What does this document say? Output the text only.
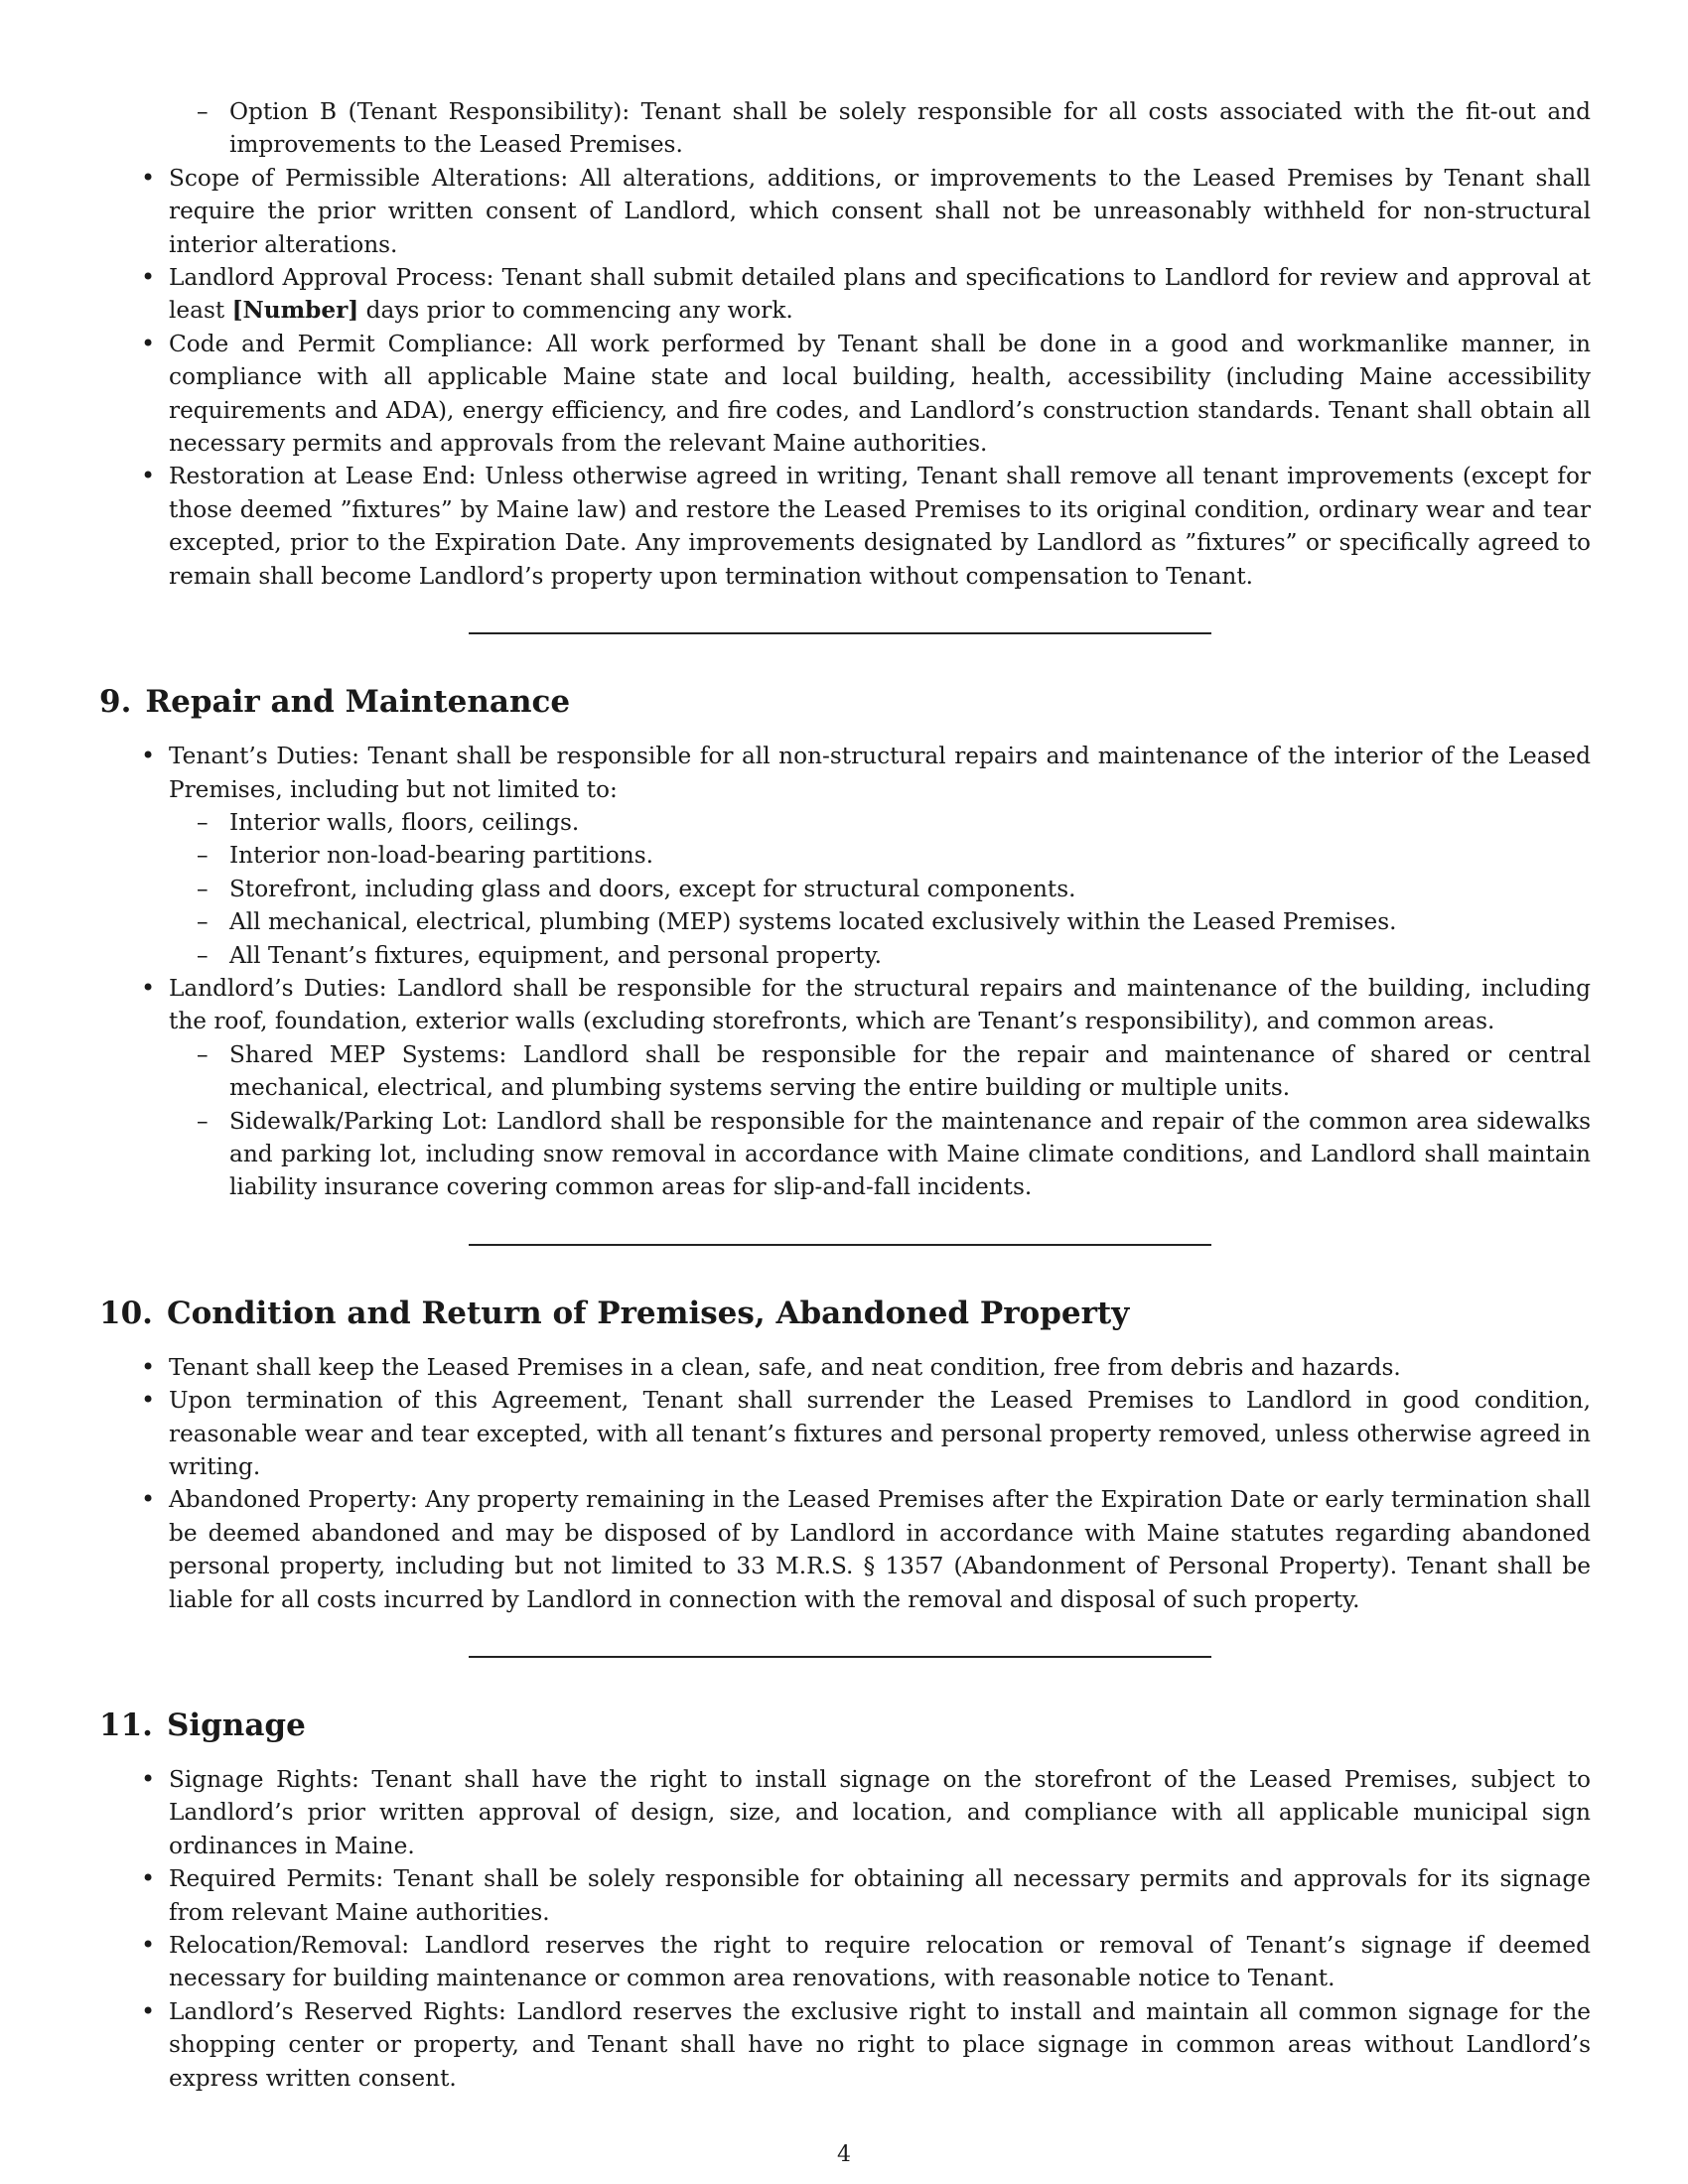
– Option B (Tenant Responsibility): Tenant shall be solely responsible for all costs associated with the fit-out and improvements to the Leased Premises.
• Scope of Permissible Alterations: All alterations, additions, or improvements to the Leased Premises by Tenant shall require the prior written consent of Landlord, which consent shall not be unreasonably withheld for non-structural interior alterations.
• Landlord Approval Process: Tenant shall submit detailed plans and specifications to Landlord for review and approval at least [Number] days prior to commencing any work.
• Code and Permit Compliance: All work performed by Tenant shall be done in a good and workmanlike manner, in compliance with all applicable Maine state and local building, health, accessibility (including Maine accessibility requirements and ADA), energy efficiency, and fire codes, and Landlord’s construction standards. Tenant shall obtain all necessary permits and approvals from the relevant Maine authorities.
• Restoration at Lease End: Unless otherwise agreed in writing, Tenant shall remove all tenant improvements (except for those deemed ”fixtures” by Maine law) and restore the Leased Premises to its original condition, ordinary wear and tear excepted, prior to the Expiration Date. Any improvements designated by Landlord as ”fixtures” or specifically agreed to remain shall become Landlord’s property upon termination without compensation to Tenant.
9. Repair and Maintenance
• Tenant’s Duties: Tenant shall be responsible for all non-structural repairs and maintenance of the interior of the Leased Premises, including but not limited to:
– Interior walls, floors, ceilings.
– Interior non-load-bearing partitions.
– Storefront, including glass and doors, except for structural components.
– All mechanical, electrical, plumbing (MEP) systems located exclusively within the Leased Premises.
– All Tenant’s fixtures, equipment, and personal property.
• Landlord’s Duties: Landlord shall be responsible for the structural repairs and maintenance of the building, including the roof, foundation, exterior walls (excluding storefronts, which are Tenant’s responsibility), and common areas.
– Shared MEP Systems: Landlord shall be responsible for the repair and maintenance of shared or central mechanical, electrical, and plumbing systems serving the entire building or multiple units.
– Sidewalk/Parking Lot: Landlord shall be responsible for the maintenance and repair of the common area sidewalks and parking lot, including snow removal in accordance with Maine climate conditions, and Landlord shall maintain liability insurance covering common areas for slip-and-fall incidents.
10. Condition and Return of Premises, Abandoned Property
• Tenant shall keep the Leased Premises in a clean, safe, and neat condition, free from debris and hazards.
• Upon termination of this Agreement, Tenant shall surrender the Leased Premises to Landlord in good condition, reasonable wear and tear excepted, with all tenant’s fixtures and personal property removed, unless otherwise agreed in writing.
• Abandoned Property: Any property remaining in the Leased Premises after the Expiration Date or early termination shall be deemed abandoned and may be disposed of by Landlord in accordance with Maine statutes regarding abandoned personal property, including but not limited to 33 M.R.S. § 1357 (Abandonment of Personal Property). Tenant shall be liable for all costs incurred by Landlord in connection with the removal and disposal of such property.
11. Signage
• Signage Rights: Tenant shall have the right to install signage on the storefront of the Leased Premises, subject to Landlord’s prior written approval of design, size, and location, and compliance with all applicable municipal sign ordinances in Maine.
• Required Permits: Tenant shall be solely responsible for obtaining all necessary permits and approvals for its signage from relevant Maine authorities.
• Relocation/Removal: Landlord reserves the right to require relocation or removal of Tenant’s signage if deemed necessary for building maintenance or common area renovations, with reasonable notice to Tenant.
• Landlord’s Reserved Rights: Landlord reserves the exclusive right to install and maintain all common signage for the shopping center or property, and Tenant shall have no right to place signage in common areas without Landlord’s express written consent.
4
